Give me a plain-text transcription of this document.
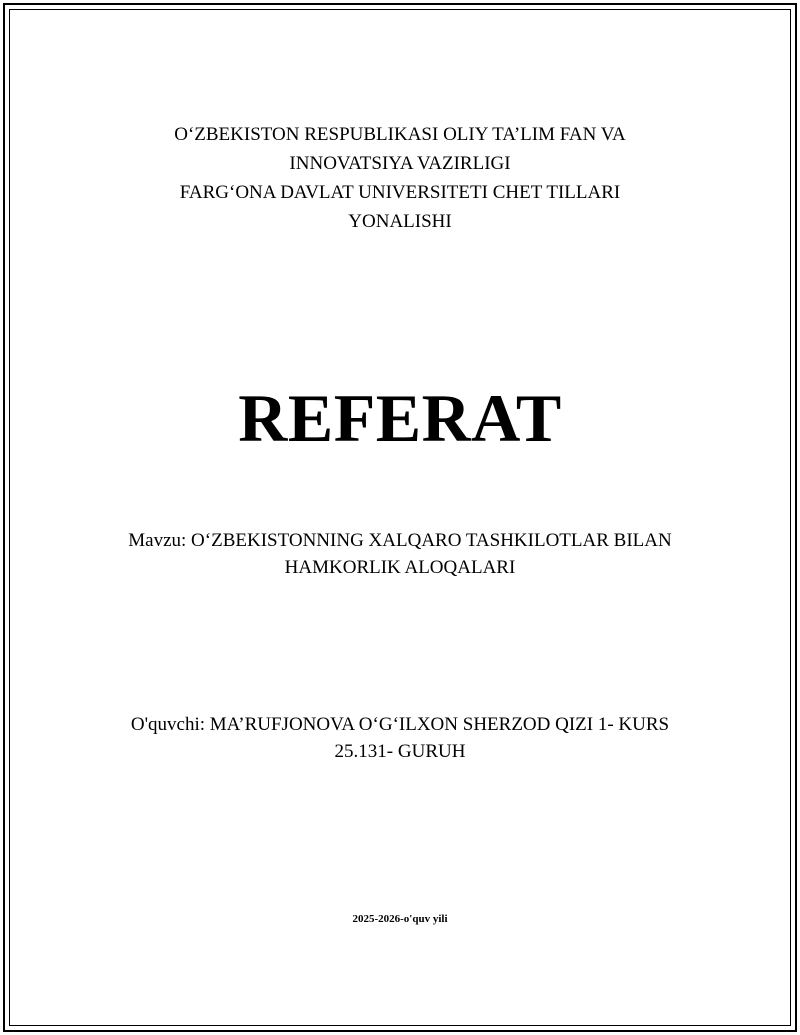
O‘ZBEKISTON RESPUBLIKASI OLIY TA’LIM FAN VA
INNOVATSIYA VAZIRLIGI
FARG‘ONA DAVLAT UNIVERSITETI CHET TILLARI
YONALISHI
REFERAT
Mavzu: O‘ZBEKISTONNING XALQARO TASHKILOTLAR BILAN
HAMKORLIK ALOQALARI
O'quvchi: MA’RUFJONOVA O‘G‘ILXON SHERZOD QIZI 1- KURS
25.131- GURUH
2025-2026-o'quv yili
